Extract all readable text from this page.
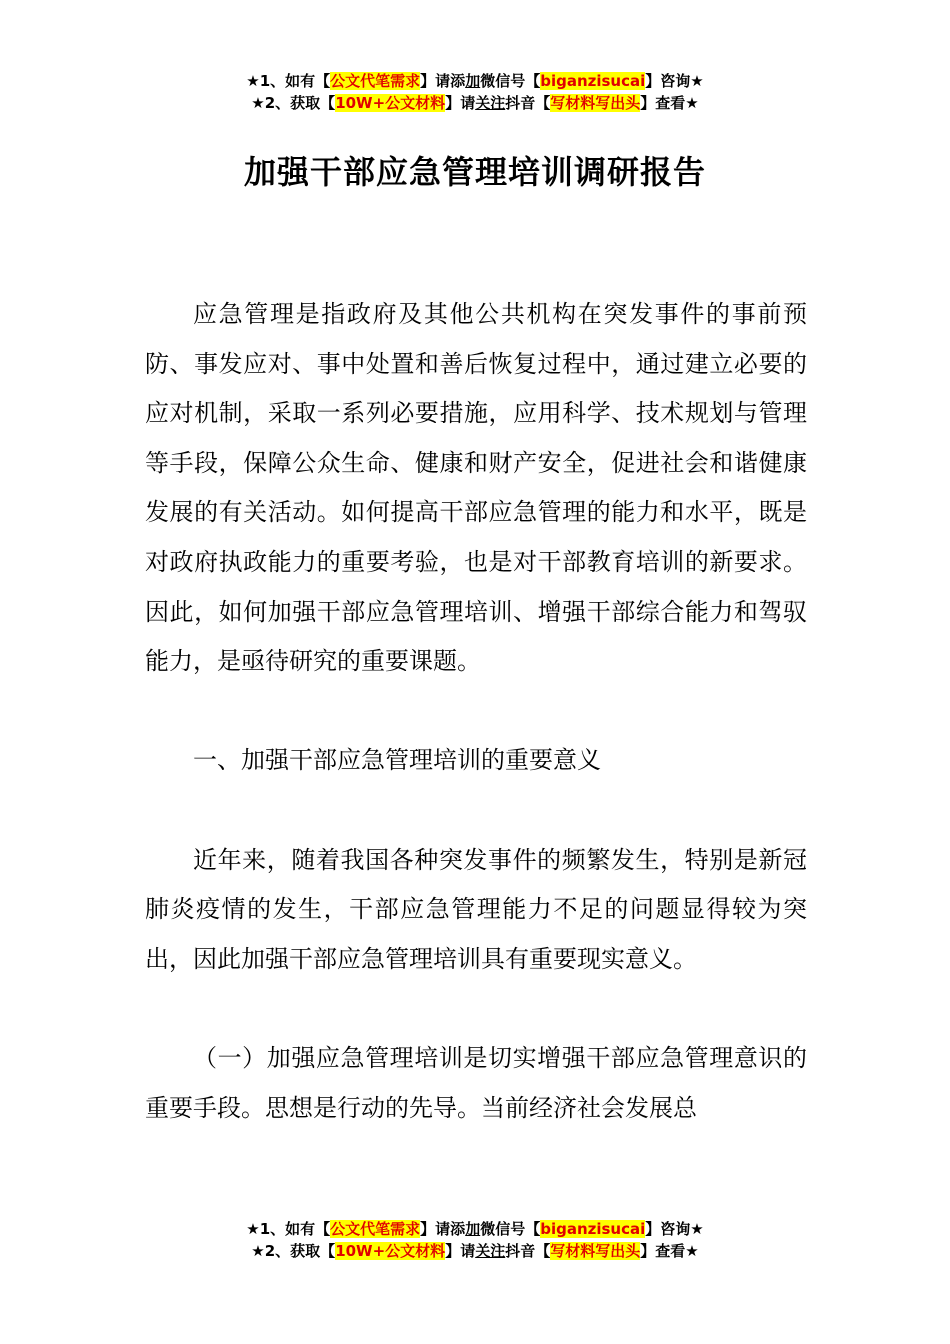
★1、如有【公文代笔需求】请添加微信号【biganzisucai】咨询★
★2、获取【10W+公文材料】请关注抖音【写材料写出头】查看★
加强干部应急管理培训调研报告

应急管理是指政府及其他公共机构在突发事件的事前预防、事发应对、事中处置和善后恢复过程中，通过建立必要的应对机制，采取一系列必要措施，应用科学、技术规划与管理等手段，保障公众生命、健康和财产安全，促进社会和谐健康发展的有关活动。如何提高干部应急管理的能力和水平，既是对政府执政能力的重要考验，也是对干部教育培训的新要求。因此，如何加强干部应急管理培训、增强干部综合能力和驾驭能力，是亟待研究的重要课题。

一、加强干部应急管理培训的重要意义

近年来，随着我国各种突发事件的频繁发生，特别是新冠肺炎疫情的发生，干部应急管理能力不足的问题显得较为突出，因此加强干部应急管理培训具有重要现实意义。

（一）加强应急管理培训是切实增强干部应急管理意识的重要手段。思想是行动的先导。当前经济社会发展总

★1、如有【公文代笔需求】请添加微信号【biganzisucai】咨询★
★2、获取【10W+公文材料】请关注抖音【写材料写出头】查看★
